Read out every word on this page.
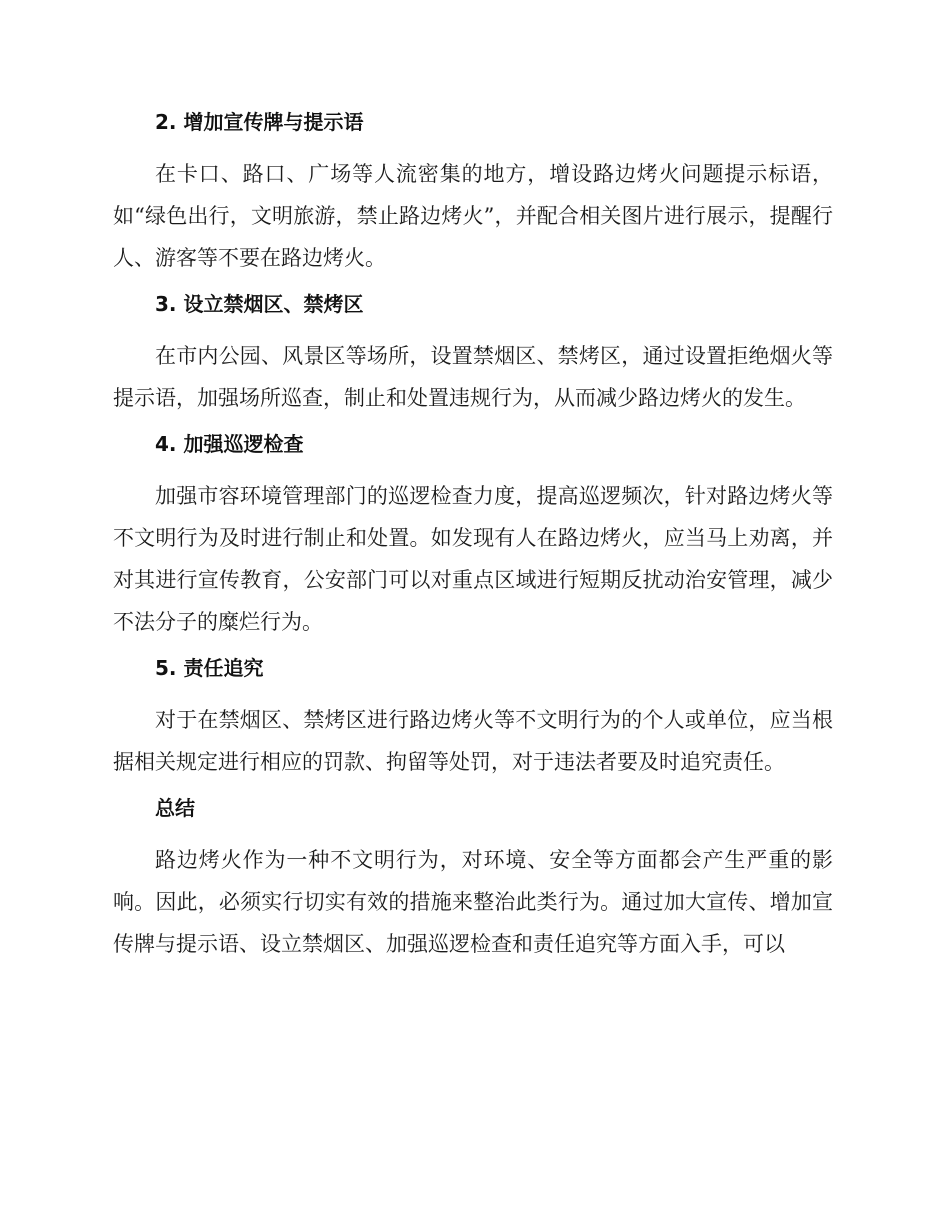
2. 增加宣传牌与提示语

在卡口、路口、广场等人流密集的地方，增设路边烤火问题提示标语，如“绿色出行，文明旅游，禁止路边烤火”，并配合相关图片进行展示，提醒行人、游客等不要在路边烤火。

3. 设立禁烟区、禁烤区

在市内公园、风景区等场所，设置禁烟区、禁烤区，通过设置拒绝烟火等提示语，加强场所巡查，制止和处置违规行为，从而减少路边烤火的发生。

4. 加强巡逻检查

加强市容环境管理部门的巡逻检查力度，提高巡逻频次，针对路边烤火等不文明行为及时进行制止和处置。如发现有人在路边烤火，应当马上劝离，并对其进行宣传教育，公安部门可以对重点区域进行短期反扰动治安管理，减少不法分子的糜烂行为。

5. 责任追究

对于在禁烟区、禁烤区进行路边烤火等不文明行为的个人或单位，应当根据相关规定进行相应的罚款、拘留等处罚，对于违法者要及时追究责任。

总结

路边烤火作为一种不文明行为，对环境、安全等方面都会产生严重的影响。因此，必须实行切实有效的措施来整治此类行为。通过加大宣传、增加宣传牌与提示语、设立禁烟区、加强巡逻检查和责任追究等方面入手，可以
